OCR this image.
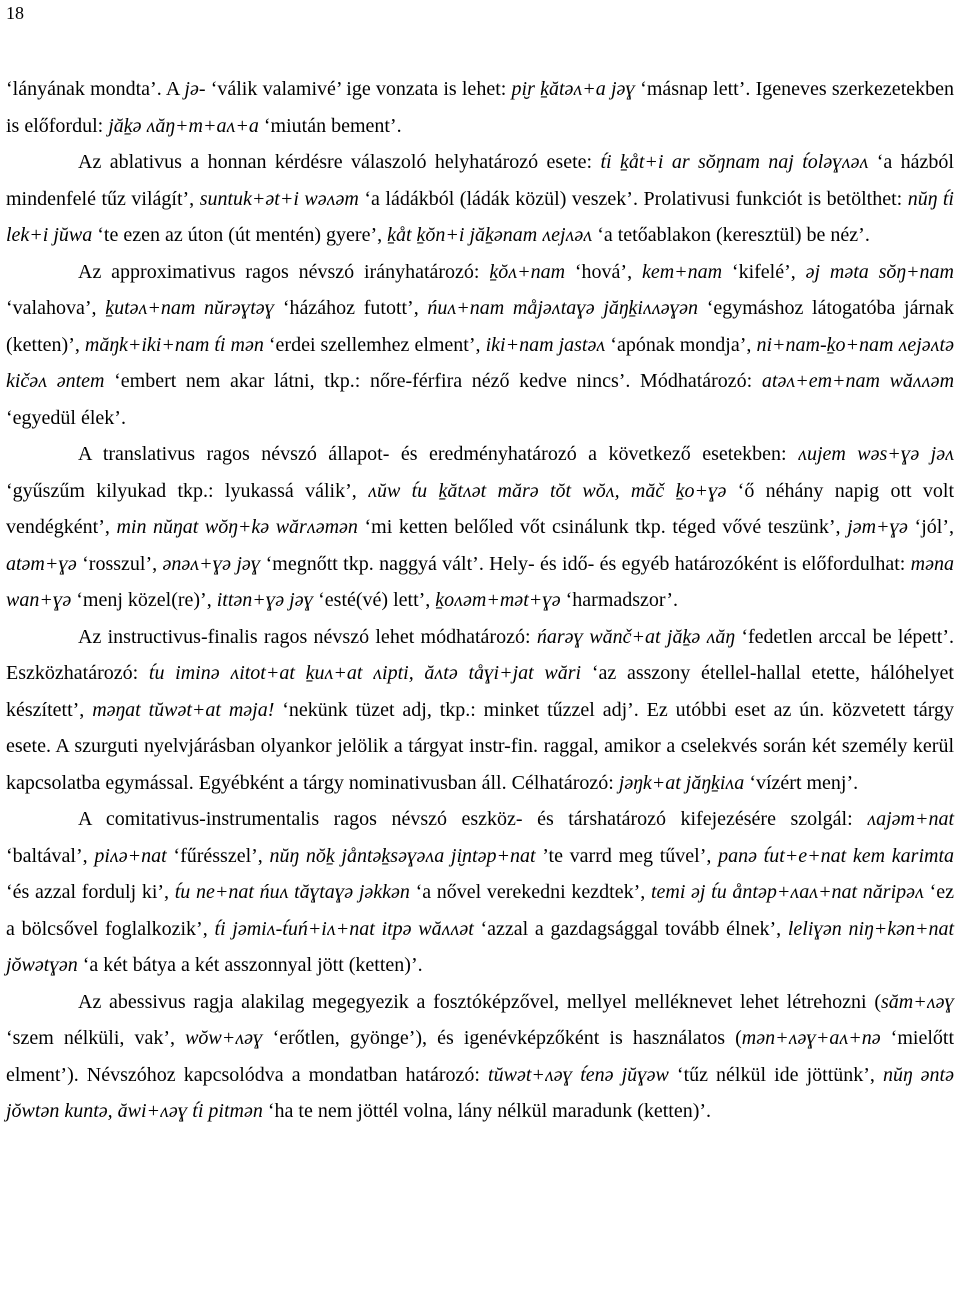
18

‘lányának mondta’. A jə- ‘válik valamivé’ ige vonzata is lehet: pi̮r ḵătəʌ+a jəɣ ‘másnap lett’. Igeneves szerkezetekben is előfordul: jăḵə ʌăŋ+m+aʌ+a ‘miután bement’.

Az ablativus a honnan kérdésre válaszoló helyhatározó esete: t́i ḵåt+i ar sŏŋnam naj t́oləɣʌəʌ ‘a házból mindenfelé tűz világít’, suntuk+ət+i wəʌəm ‘a ládákból (ládák közül) veszek’. Prolativusi funkciót is betölthet: nŭŋ t́i lek+i jŭwa ‘te ezen az úton (út mentén) gyere’, ḵåt ḵŏn+i jăḵənam ʌejʌəʌ ‘a tetőablakon (keresztül) be néz’.

Az approximativus ragos névszó irányhatározó: ḵŏʌ+nam ‘hová’, kem+nam ‘kifelé’, əj məta sŏŋ+nam ‘valahova’, ḵutəʌ+nam nŭrəɣtəɣ ‘házához futott’, ńuʌ+nam måjəʌtaɣə jăŋḵiʌʌəɣən ‘egymáshoz látogatóba járnak (ketten)’, măŋk+iki+nam t́i mən ‘erdei szellemhez elment’, iki+nam jastəʌ ‘apónak mondja’, ni+nam-ḵo+nam ʌejəʌtə kičəʌ əntem ‘embert nem akar látni, tkp.: nőre-férfira néző kedve nincs’. Módhatározó: atəʌ+em+nam wăʌʌəm ‘egyedül élek’.

A translativus ragos névszó állapot- és eredményhatározó a következő esetekben: ʌujem wəs+ɣə jəʌ ‘gyűszűm kilyukad tkp.: lyukassá válik’, ʌŭw t́u ḵătʌət mărə tŏt wŏʌ, măč ḵo+ɣə ‘ő néhány napig ott volt vendégként’, min nŭŋat wŏŋ+kə wărʌəmən ‘mi ketten belőled vőt csinálunk tkp. téged vővé teszünk’, jəm+ɣə ‘jól’, atəm+ɣə ‘rosszul’, ənəʌ+ɣə jəɣ ‘megnőtt tkp. naggyá vált’. Hely- és idő- és egyéb határozóként is előfordulhat: məna wan+ɣə ‘menj közel(re)’, ittən+ɣə jəɣ ‘esté(vé) lett’, ḵoʌəm+mət+ɣə ‘harmadszor’.

Az instructivus-finalis ragos névszó lehet módhatározó: ńarəɣ wănč+at jăḵə ʌăŋ ‘fedetlen arccal be lépett’. Eszközhatározó: t́u iminə ʌitot+at ḵuʌ+at ʌipti, ăʌtə tåɣi+jat wări ‘az asszony étellel-hallal etette, hálóhelyet készített’, məŋat tŭwət+at məja! ‘nekünk tüzet adj, tkp.: minket tűzzel adj’. Ez utóbbi eset az ún. közvetett tárgy esete. A szurguti nyelvjárásban olyankor jelölik a tárgyat instr-fin. raggal, amikor a cselekvés során két személy kerül kapcsolatba egymással. Egyébként a tárgy nominativusban áll. Célhatározó: jəŋk+at jăŋḵiʌa ‘vízért menj’.

A comitativus-instrumentalis ragos névszó eszköz- és társhatározó kifejezésére szolgál: ʌajəm+nat ‘baltával’, piʌə+nat ‘fűrésszel’, nŭŋ nŏḵ jåntəḵsəɣəʌa ji̮ntəp+nat ’te varrd meg tűvel’, panə t́ut+e+nat kem karimta ‘és azzal fordulj ki’, t́u ne+nat ńuʌ tăɣtaɣə jəkkən ‘a nővel verekedni kezdtek’, temi əj t́u åntəp+ʌaʌ+nat năripəʌ ‘ez a bölcsővel foglalkozik’, t́i jəmiʌ-t́uń+iʌ+nat itpə wăʌʌət ‘azzal a gazdagsággal tovább élnek’, leliɣən niŋ+kən+nat jŏwətɣən ‘a két bátya a két asszonnyal jött (ketten)’.

Az abessivus ragja alakilag megegyezik a fosztóképzővel, mellyel melléknevet lehet létrehozni (săm+ʌəɣ ‘szem nélküli, vak’, wŏw+ʌəɣ ‘erőtlen, gyönge’), és igenévképzőként is használatos (mən+ʌəɣ+aʌ+nə ‘mielőtt elment’). Névszóhoz kapcsolódva a mondatban határozó: tŭwət+ʌəɣ t́enə jŭɣəw ‘tűz nélkül ide jöttünk’, nŭŋ əntə jŏwtən kuntə, ăwi+ʌəɣ t́i pitmən ‘ha te nem jöttél volna, lány nélkül maradunk (ketten)’.
